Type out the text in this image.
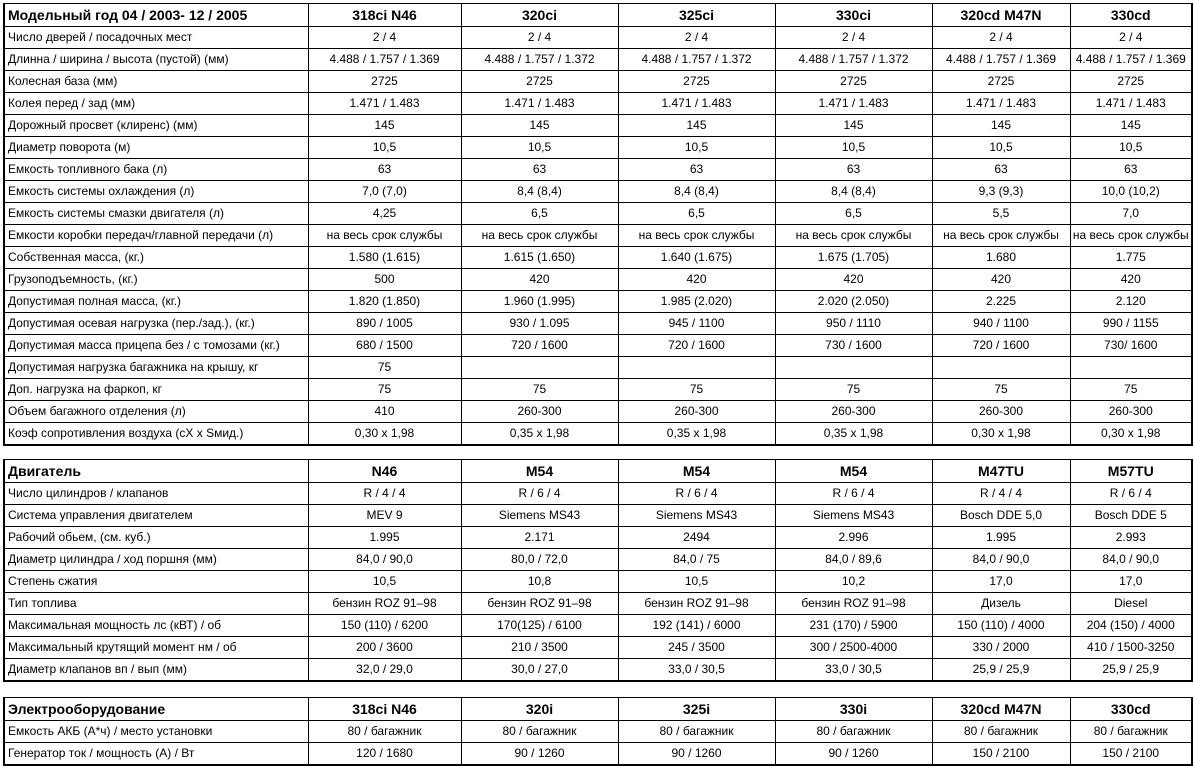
Модельный год 04 / 2003- 12 / 2005	318ci N46	320ci	325ci	330ci	320cd M47N	330cd
Число дверей / посадочных мест	2 / 4	2 / 4	2 / 4	2 / 4	2 / 4	2 / 4
Длинна / ширина / высота (пустой) (мм)	4.488 / 1.757 / 1.369	4.488 / 1.757 / 1.372	4.488 / 1.757 / 1.372	4.488 / 1.757 / 1.372	4.488 / 1.757 / 1.369	4.488 / 1.757 / 1.369
Колесная база (мм)	2725	2725	2725	2725	2725	2725
Колея перед / зад (мм)	1.471 / 1.483	1.471 / 1.483	1.471 / 1.483	1.471 / 1.483	1.471 / 1.483	1.471 / 1.483
Дорожный просвет (клиренс) (мм)	145	145	145	145	145	145
Диаметр поворота (м)	10,5	10,5	10,5	10,5	10,5	10,5
Емкость топливного бака (л)	63	63	63	63	63	63
Емкость системы охлаждения (л)	7,0 (7,0)	8,4 (8,4)	8,4 (8,4)	8,4 (8,4)	9,3 (9,3)	10,0 (10,2)
Емкость системы смазки двигателя (л)	4,25	6,5	6,5	6,5	5,5	7,0
Емкости коробки передач/главной передачи (л)	на весь срок службы	на весь срок службы	на весь срок службы	на весь срок службы	на весь срок службы	на весь срок службы
Собственная масса, (кг.)	1.580 (1.615)	1.615 (1.650)	1.640 (1.675)	1.675 (1.705)	1.680	1.775
Грузоподъемность, (кг.)	500	420	420	420	420	420
Допустимая полная масса, (кг.)	1.820 (1.850)	1.960 (1.995)	1.985 (2.020)	2.020 (2.050)	2.225	2.120
Допустимая осевая нагрузка (пер./зад.), (кг.)	890 / 1005	930 / 1.095	945 / 1100	950 / 1110	940 / 1100	990 / 1155
Допустимая масса прицепа без / с томозами (кг.)	680 / 1500	720 / 1600	720 / 1600	730 / 1600	720 / 1600	730/ 1600
Допустимая нагрузка багажника на крышу, кг	75					
Доп. нагрузка на фаркоп, кг	75	75	75	75	75	75
Объем багажного отделения (л)	410	260-300	260-300	260-300	260-300	260-300
Коэф сопротивления воздуха (cX x Sмид.)	0,30 х 1,98	0,35 х 1,98	0,35 х 1,98	0,35 х 1,98	0,30 х 1,98	0,30 х 1,98
Двигатель	N46	M54	M54	M54	M47TU	M57TU
Число цилиндров / клапанов	R / 4 / 4	R / 6 / 4	R / 6 / 4	R / 6 / 4	R / 4 / 4	R / 6 / 4
Система управления двигателем	MEV 9	Siemens MS43	Siemens MS43	Siemens MS43	Bosch DDE 5,0	Bosch DDE 5
Рабочий обьем, (см. куб.)	1.995	2.171	2494	2.996	1.995	2.993
Диаметр цилиндра / ход поршня (мм)	84,0 / 90,0	80,0 / 72,0	84,0 / 75	84,0 / 89,6	84,0 / 90,0	84,0 / 90,0
Степень сжатия	10,5	10,8	10,5	10,2	17,0	17,0
Тип топлива	бензин ROZ 91–98	бензин ROZ 91–98	бензин ROZ 91–98	бензин ROZ 91–98	Дизель	Diesel
Максимальная мощность лс (кВТ) / об	150 (110) / 6200	170(125) / 6100	192 (141) / 6000	231 (170) / 5900	150 (110) / 4000	204 (150) / 4000
Максимальный крутящий момент нм / об	200 / 3600	210 / 3500	245 / 3500	300 / 2500-4000	330 / 2000	410 / 1500-3250
Диаметр клапанов вп / вып (мм)	32,0 / 29,0	30,0 / 27,0	33,0 / 30,5	33,0 / 30,5	25,9 / 25,9	25,9 / 25,9
Электрооборудование	318ci N46	320i	325i	330i	320cd M47N	330cd
Емкость АКБ (А*ч) / место установки	80 / багажник	80 / багажник	80 / багажник	80 / багажник	80 / багажник	80 / багажник
Генератор ток / мощность (А) / Вт	120 / 1680	90 / 1260	90 / 1260	90 / 1260	150 / 2100	150 / 2100
